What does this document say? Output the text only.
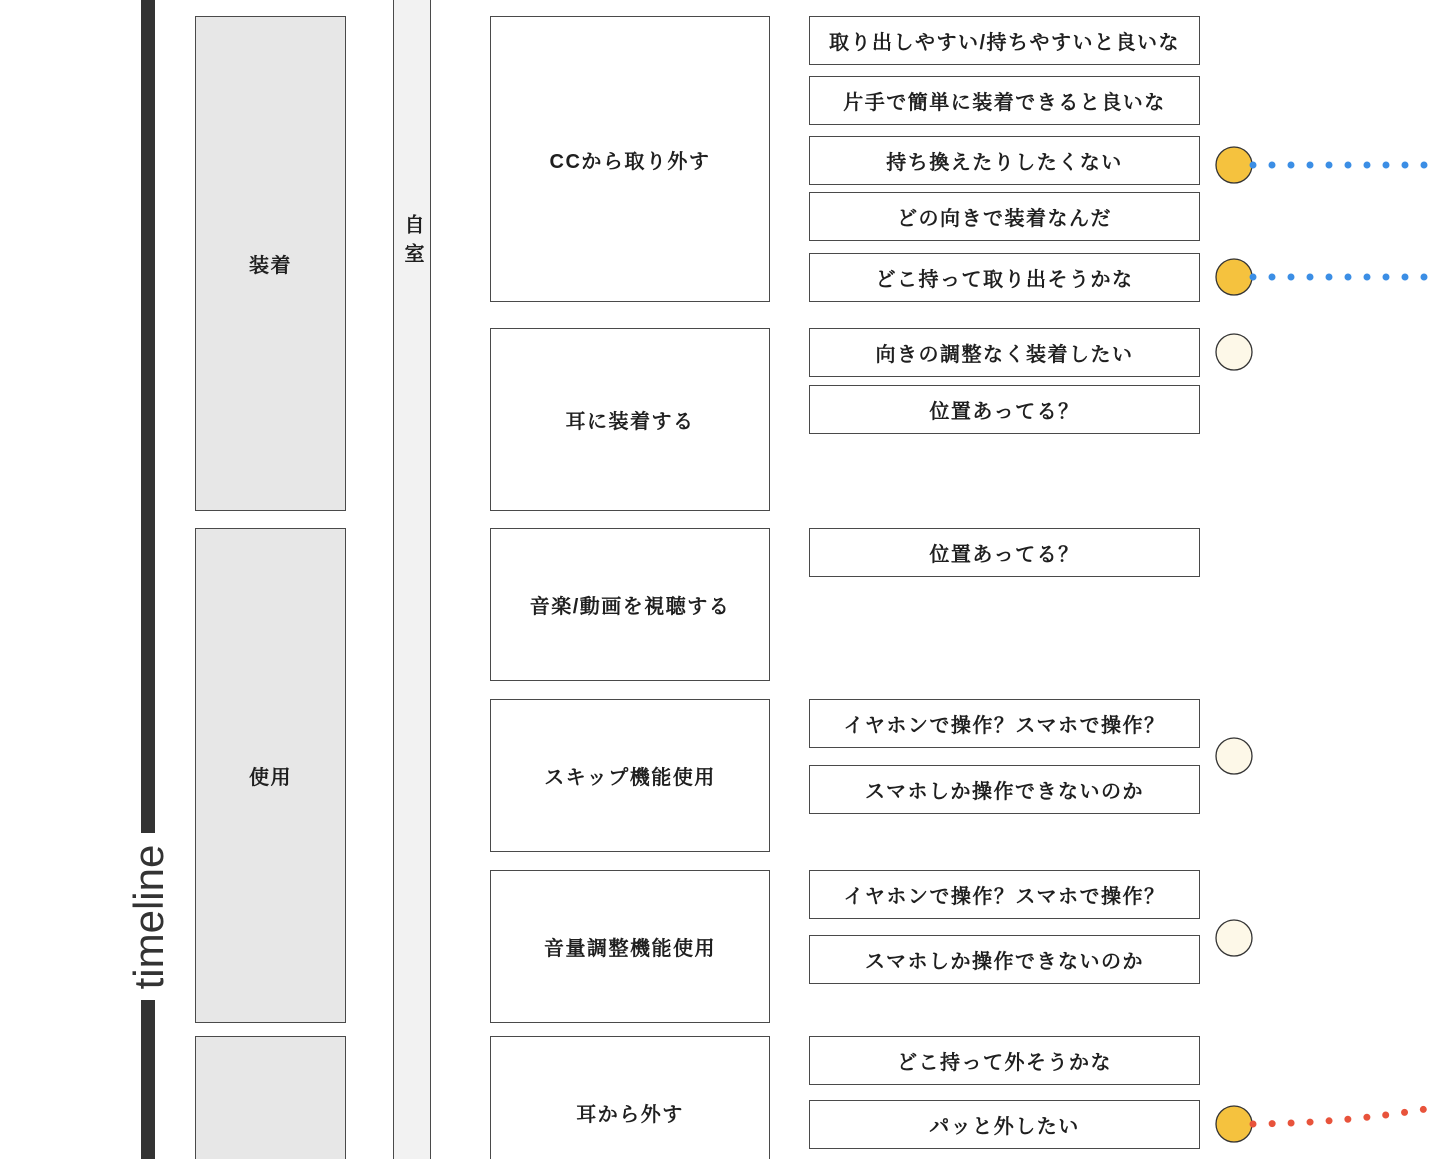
timeline
装着
使用
自室
CCから取り外す
耳に装着する
音楽/動画を視聴する
スキップ機能使用
音量調整機能使用
耳から外す
取り出しやすい/持ちやすいと良いな
片手で簡単に装着できると良いな
持ち換えたりしたくない
どの向きで装着なんだ
どこ持って取り出そうかな
向きの調整なく装着したい
位置あってる？
位置あってる？
イヤホンで操作？スマホで操作？
スマホしか操作できないのか
イヤホンで操作？スマホで操作？
スマホしか操作できないのか
どこ持って外そうかな
パッと外したい
